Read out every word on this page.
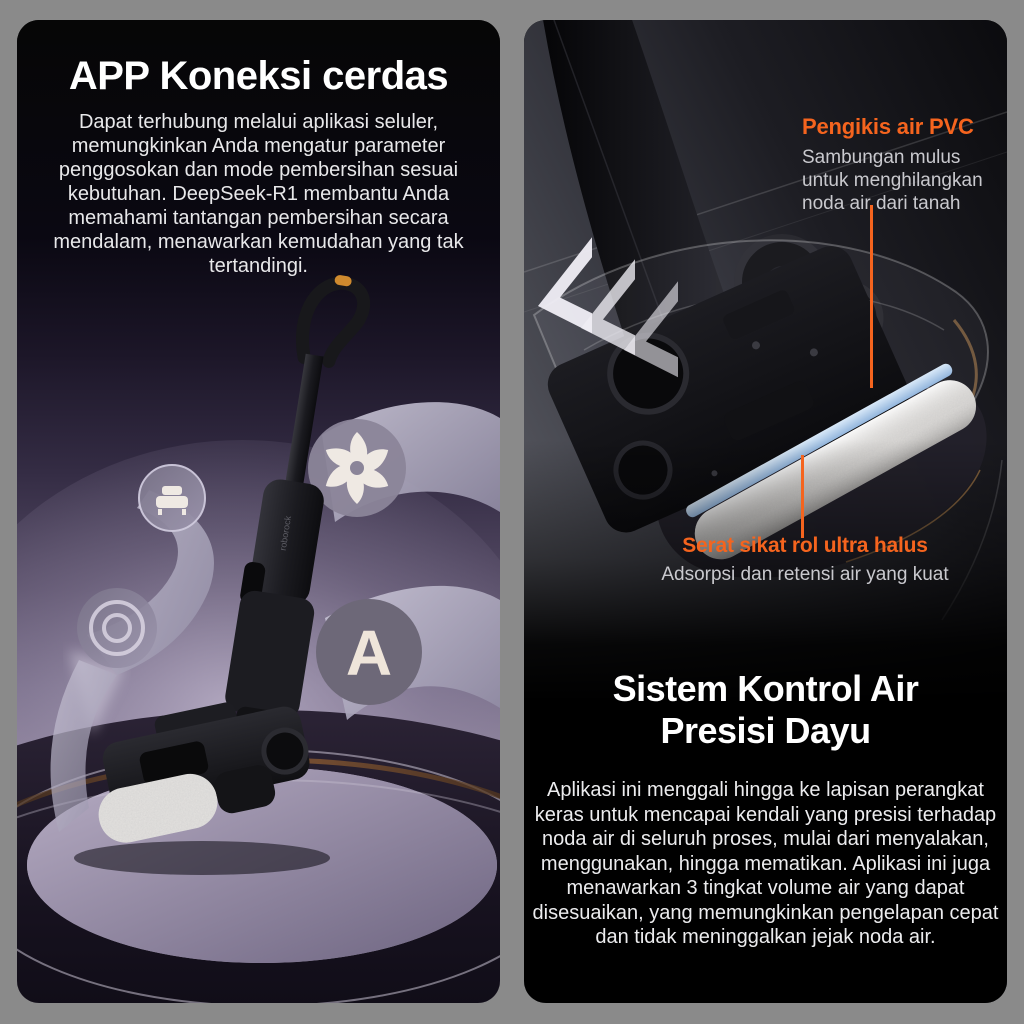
A
roborock
APP Koneksi cerdas
Dapat terhubung melalui aplikasi seluler, memungkinkan Anda mengatur parameter penggosokan dan mode pembersihan sesuai kebutuhan. DeepSeek-R1 membantu Anda memahami tantangan pembersihan secara mendalam, menawarkan kemudahan yang tak tertandingi.

Pengikis air PVC

Sambungan mulus untuk menghilangkan noda air dari tanah

Serat sikat rol ultra halus

Adsorpsi dan retensi air yang kuat

Sistem Kontrol Air
Presisi Dayu
Aplikasi ini menggali hingga ke lapisan perangkat keras untuk mencapai kendali yang presisi terhadap noda air di seluruh proses, mulai dari menyalakan, menggunakan, hingga mematikan. Aplikasi ini juga menawarkan 3 tingkat volume air yang dapat disesuaikan, yang memungkinkan pengelapan cepat dan tidak meninggalkan jejak noda air.
